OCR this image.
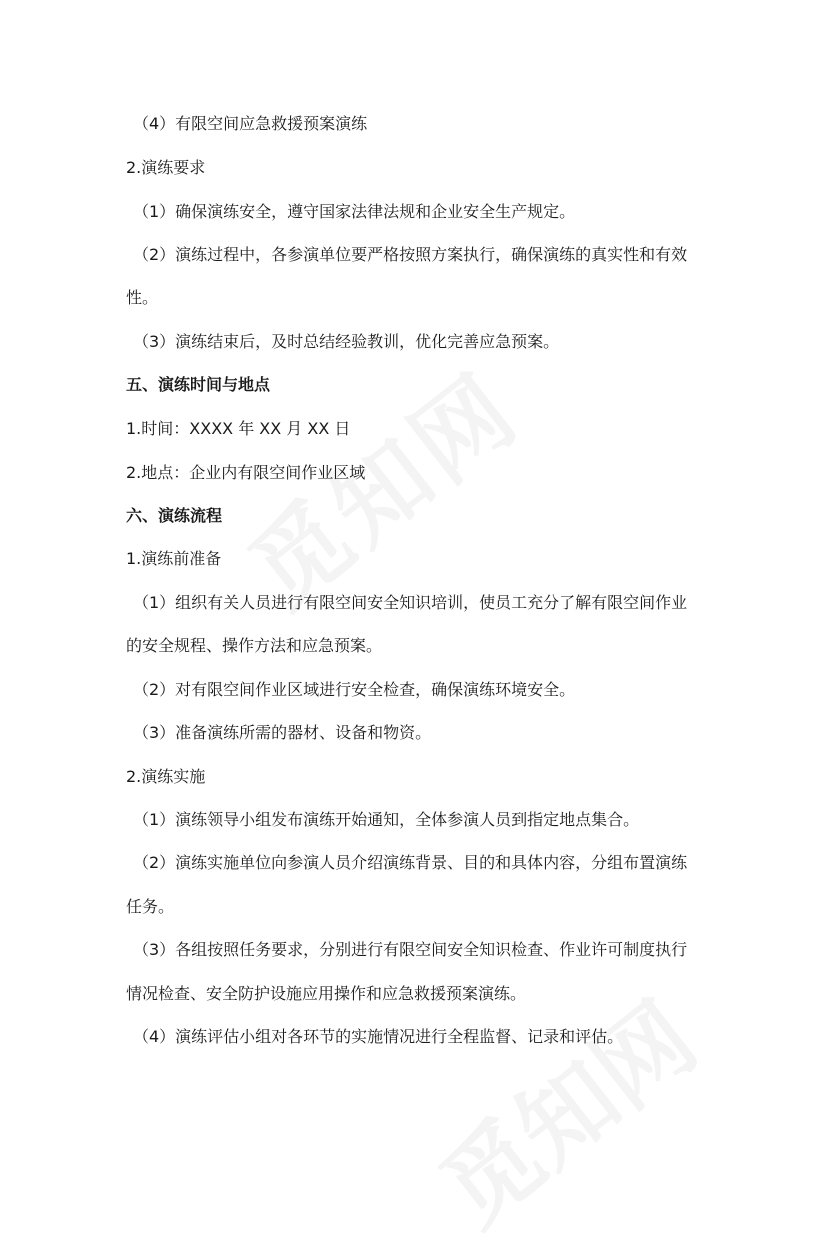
（4）有限空间应急救援预案演练
2.演练要求
（1）确保演练安全，遵守国家法律法规和企业安全生产规定。
（2）演练过程中，各参演单位要严格按照方案执行，确保演练的真实性和有效
性。
（3）演练结束后，及时总结经验教训，优化完善应急预案。
五、演练时间与地点
1.时间：XXXX 年 XX 月 XX 日
2.地点：企业内有限空间作业区域
六、演练流程
1.演练前准备
（1）组织有关人员进行有限空间安全知识培训，使员工充分了解有限空间作业
的安全规程、操作方法和应急预案。
（2）对有限空间作业区域进行安全检查，确保演练环境安全。
（3）准备演练所需的器材、设备和物资。
2.演练实施
（1）演练领导小组发布演练开始通知，全体参演人员到指定地点集合。
（2）演练实施单位向参演人员介绍演练背景、目的和具体内容，分组布置演练
任务。
（3）各组按照任务要求，分别进行有限空间安全知识检查、作业许可制度执行
情况检查、安全防护设施应用操作和应急救援预案演练。
（4）演练评估小组对各环节的实施情况进行全程监督、记录和评估。
